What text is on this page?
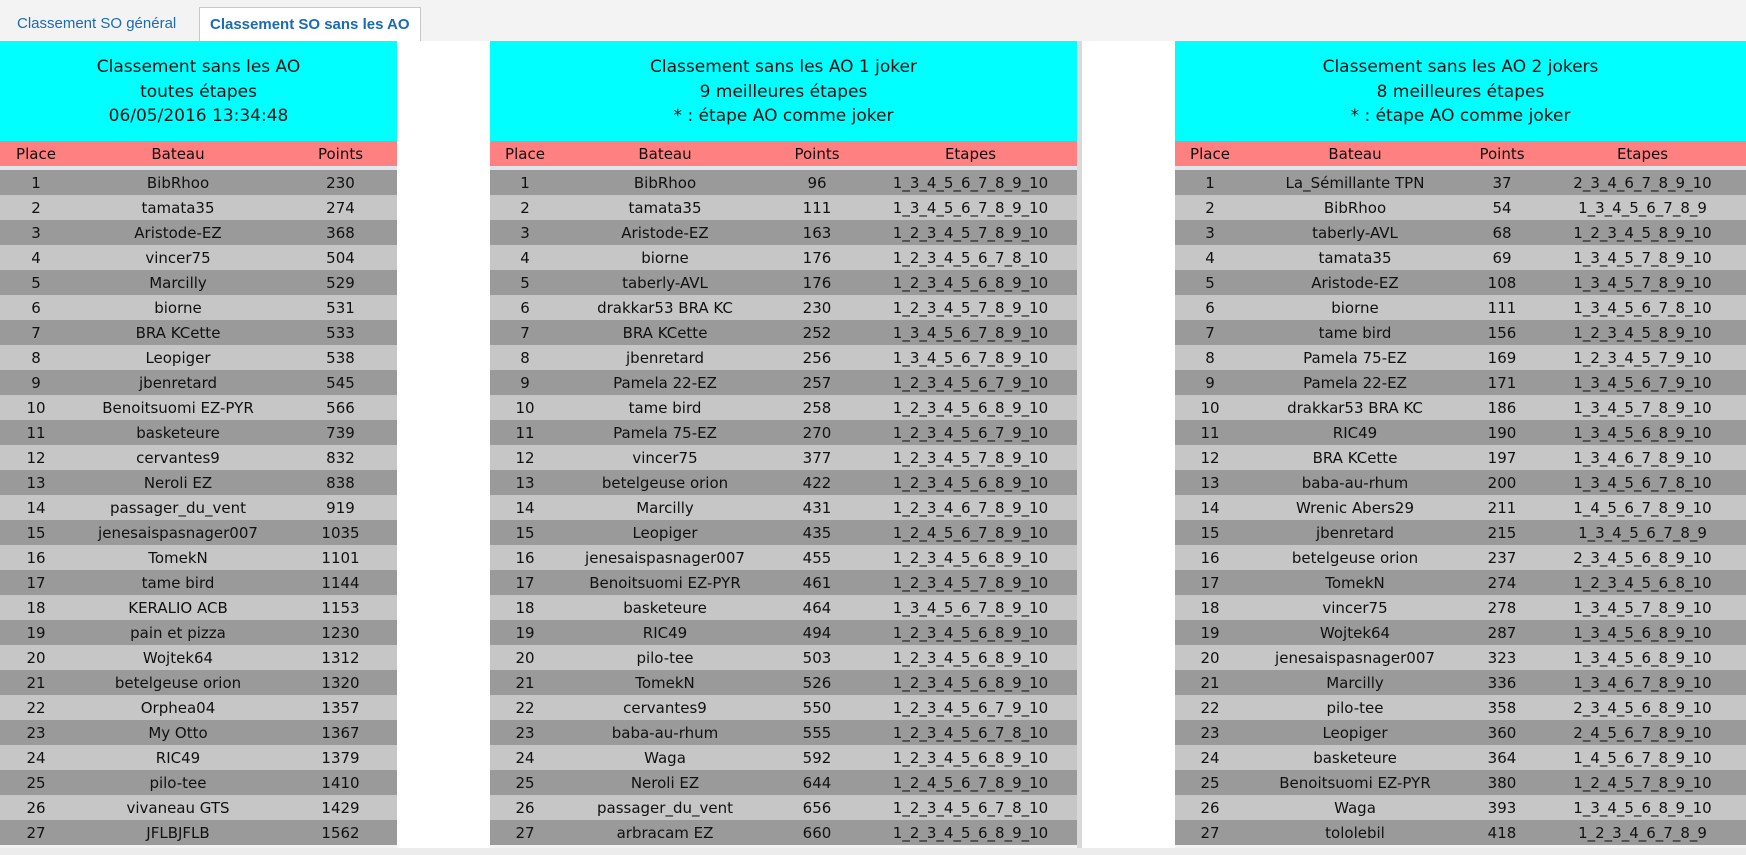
Classement SO général	Classement SO sans les AO
Classement sans les AO
toutes étapes
06/05/2016 13:34:48
Place	Bateau	Points
1	BibRhoo	230
2	tamata35	274
3	Aristode-EZ	368
4	vincer75	504
5	Marcilly	529
6	biorne	531
7	BRA KCette	533
8	Leopiger	538
9	jbenretard	545
10	Benoitsuomi EZ-PYR	566
11	basketeure	739
12	cervantes9	832
13	Neroli EZ	838
14	passager_du_vent	919
15	jenesaispasnager007	1035
16	TomekN	1101
17	tame bird	1144
18	KERALIO ACB	1153
19	pain et pizza	1230
20	Wojtek64	1312
21	betelgeuse orion	1320
22	Orphea04	1357
23	My Otto	1367
24	RIC49	1379
25	pilo-tee	1410
26	vivaneau GTS	1429
27	JFLBJFLB	1562
Classement sans les AO 1 joker
9 meilleures étapes
* : étape AO comme joker
Place	Bateau	Points	Etapes
1	BibRhoo	96	1_3_4_5_6_7_8_9_10
2	tamata35	111	1_3_4_5_6_7_8_9_10
3	Aristode-EZ	163	1_2_3_4_5_7_8_9_10
4	biorne	176	1_2_3_4_5_6_7_8_10
5	taberly-AVL	176	1_2_3_4_5_6_8_9_10
6	drakkar53 BRA KC	230	1_2_3_4_5_7_8_9_10
7	BRA KCette	252	1_3_4_5_6_7_8_9_10
8	jbenretard	256	1_3_4_5_6_7_8_9_10
9	Pamela 22-EZ	257	1_2_3_4_5_6_7_9_10
10	tame bird	258	1_2_3_4_5_6_8_9_10
11	Pamela 75-EZ	270	1_2_3_4_5_6_7_9_10
12	vincer75	377	1_2_3_4_5_7_8_9_10
13	betelgeuse orion	422	1_2_3_4_5_6_8_9_10
14	Marcilly	431	1_2_3_4_6_7_8_9_10
15	Leopiger	435	1_2_4_5_6_7_8_9_10
16	jenesaispasnager007	455	1_2_3_4_5_6_8_9_10
17	Benoitsuomi EZ-PYR	461	1_2_3_4_5_7_8_9_10
18	basketeure	464	1_3_4_5_6_7_8_9_10
19	RIC49	494	1_2_3_4_5_6_8_9_10
20	pilo-tee	503	1_2_3_4_5_6_8_9_10
21	TomekN	526	1_2_3_4_5_6_8_9_10
22	cervantes9	550	1_2_3_4_5_6_7_9_10
23	baba-au-rhum	555	1_2_3_4_5_6_7_8_10
24	Waga	592	1_2_3_4_5_6_8_9_10
25	Neroli EZ	644	1_2_4_5_6_7_8_9_10
26	passager_du_vent	656	1_2_3_4_5_6_7_8_10
27	arbracam EZ	660	1_2_3_4_5_6_8_9_10
Classement sans les AO 2 jokers
8 meilleures étapes
* : étape AO comme joker
Place	Bateau	Points	Etapes
1	La_Sémillante TPN	37	2_3_4_6_7_8_9_10
2	BibRhoo	54	1_3_4_5_6_7_8_9
3	taberly-AVL	68	1_2_3_4_5_8_9_10
4	tamata35	69	1_3_4_5_7_8_9_10
5	Aristode-EZ	108	1_3_4_5_7_8_9_10
6	biorne	111	1_3_4_5_6_7_8_10
7	tame bird	156	1_2_3_4_5_8_9_10
8	Pamela 75-EZ	169	1_2_3_4_5_7_9_10
9	Pamela 22-EZ	171	1_3_4_5_6_7_9_10
10	drakkar53 BRA KC	186	1_3_4_5_7_8_9_10
11	RIC49	190	1_3_4_5_6_8_9_10
12	BRA KCette	197	1_3_4_6_7_8_9_10
13	baba-au-rhum	200	1_3_4_5_6_7_8_10
14	Wrenic Abers29	211	1_4_5_6_7_8_9_10
15	jbenretard	215	1_3_4_5_6_7_8_9
16	betelgeuse orion	237	2_3_4_5_6_8_9_10
17	TomekN	274	1_2_3_4_5_6_8_10
18	vincer75	278	1_3_4_5_7_8_9_10
19	Wojtek64	287	1_3_4_5_6_8_9_10
20	jenesaispasnager007	323	1_3_4_5_6_8_9_10
21	Marcilly	336	1_3_4_6_7_8_9_10
22	pilo-tee	358	2_3_4_5_6_8_9_10
23	Leopiger	360	2_4_5_6_7_8_9_10
24	basketeure	364	1_4_5_6_7_8_9_10
25	Benoitsuomi EZ-PYR	380	1_2_4_5_7_8_9_10
26	Waga	393	1_3_4_5_6_8_9_10
27	tololebil	418	1_2_3_4_6_7_8_9
